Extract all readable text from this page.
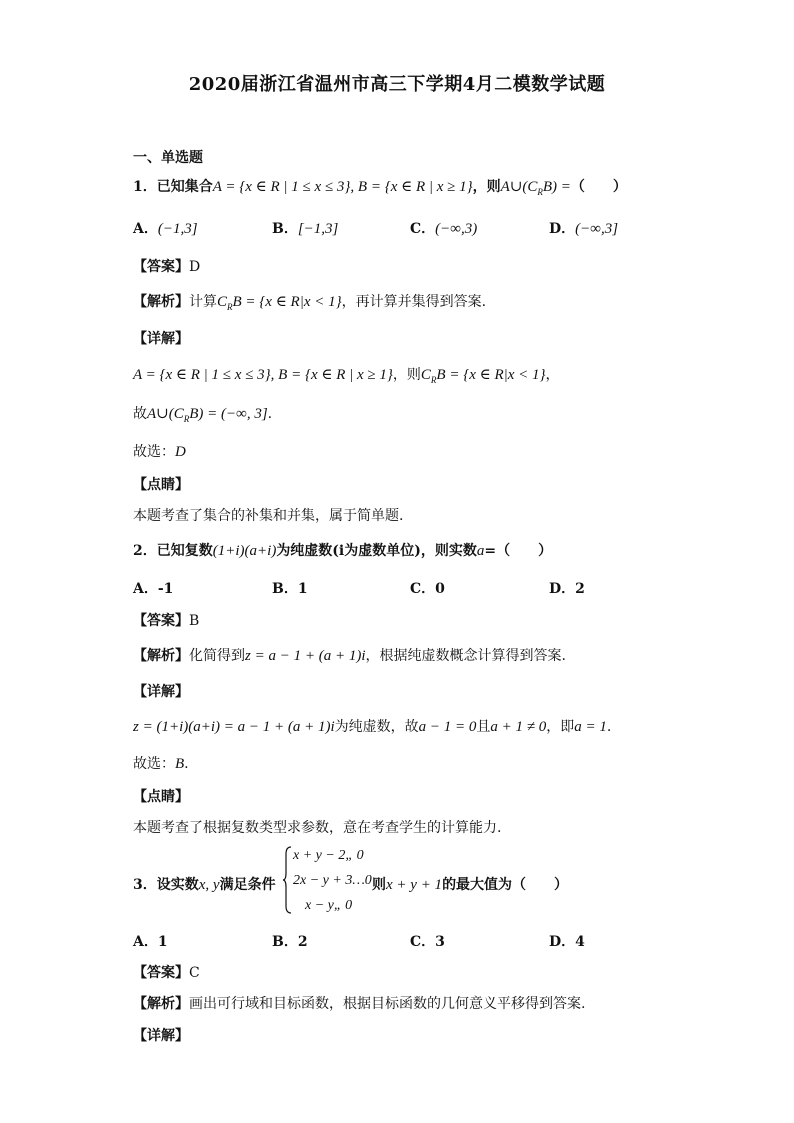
2020届浙江省温州市高三下学期4月二模数学试题
一、单选题
1．已知集合A = {x ∈ R | 1 ≤ x ≤ 3}, B = {x ∈ R | x ≥ 1}，则$A\cup(C_RB)$ =（　　）
A．(−1,3]	B．[−1,3]	C．(−∞,3)	D．(−∞,3]
【答案】D
【解析】计算$C_RB = \{x$ ∈ R|x < 1}，再计算并集得到答案.
【详解】
A = {x ∈ R | 1 ≤ x ≤ 3}, B = {x ∈ R | x ≥ 1}，则$C_RB = \{x$ ∈ R|x < 1}，
故$A\cup(C_RB)$ = (−∞, 3].
故选：D
【点睛】
本题考查了集合的补集和并集，属于简单题.
2．已知复数(1+i)(a+i)为纯虚数(i为虚数单位)，则实数a=（　　）
A．-1	B．1	C．0	D．2
【答案】B
【解析】化简得到z = a − 1 + (a + 1)i，根据纯虚数概念计算得到答案.
【详解】
z = (1+i)(a+i) = a − 1 + (a + 1)i为纯虚数，故a − 1 = 0且a + 1 ≠ 0，即a = 1.
故选：B.
【点睛】
本题考查了根据复数类型求参数，意在考查学生的计算能力.
3．设实数x, y满足条件
x + y − 2„ 0
2x − y + 3…0
x − y„ 0
则x + y + 1的最大值为（　　）
A．1	B．2	C．3	D．4
【答案】C
【解析】画出可行域和目标函数，根据目标函数的几何意义平移得到答案.
【详解】
